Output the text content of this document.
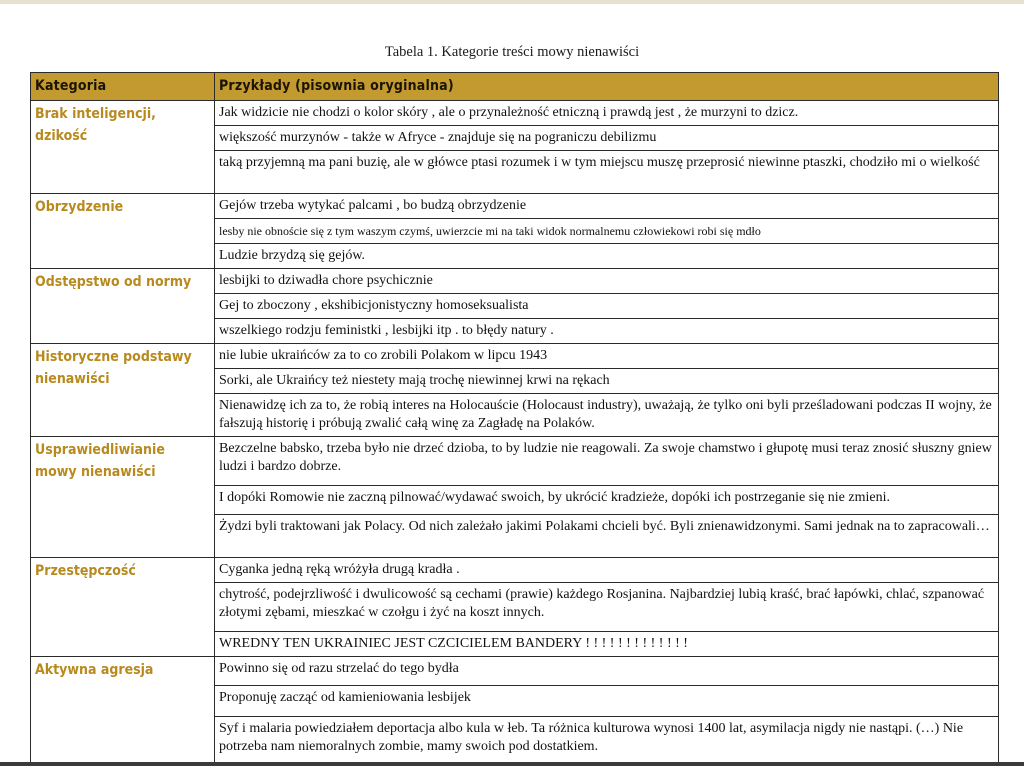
Tabela 1. Kategorie treści mowy nienawiści
Kategoria	Przykłady (pisownia oryginalna)
Brak inteligencji, dzikość	Jak widzicie nie chodzi o kolor skóry , ale o przynależność etniczną i prawdą jest , że murzyni to dzicz.
	większość murzynów - także w Afryce - znajduje się na pograniczu debilizmu
	taką przyjemną ma pani buzię, ale w główce ptasi rozumek i w tym miejscu muszę przeprosić niewinne ptaszki, chodziło mi o wielkość
Obrzydzenie	Gejów trzeba wytykać palcami , bo budzą obrzydzenie
	lesby nie obnoście się z tym waszym czymś, uwierzcie mi na taki widok normalnemu człowiekowi robi się mdło
	Ludzie brzydzą się gejów.
Odstępstwo od normy	lesbijki to dziwadła chore psychicznie
	Gej to zboczony , ekshibicjonistyczny homoseksualista
	wszelkiego rodzju feministki , lesbijki itp . to błędy natury .
Historyczne podstawy nienawiści	nie lubie ukraińców za to co zrobili Polakom w lipcu 1943
	Sorki, ale Ukraińcy też niestety mają trochę niewinnej krwi na rękach
	Nienawidzę ich za to, że robią interes na Holocauście (Holocaust industry), uważają, że tylko oni byli prześladowani podczas II wojny, że fałszują historię i próbują zwalić całą winę za Zagładę na Polaków.
Usprawiedliwianie mowy nienawiści	Bezczelne babsko, trzeba było nie drzeć dzioba, to by ludzie nie reagowali. Za swoje chamstwo i głupotę musi teraz znosić słuszny gniew ludzi i bardzo dobrze.
	I dopóki Romowie nie zaczną pilnować/wydawać swoich, by ukrócić kradzieże, dopóki ich postrzeganie się nie zmieni.
	Żydzi byli traktowani jak Polacy. Od nich zależało jakimi Polakami chcieli być. Byli znienawidzonymi. Sami jednak na to zapracowali…
Przestępczość	Cyganka jedną ręką wróżyła drugą kradła .
	chytrość, podejrzliwość i dwulicowość są cechami (prawie) każdego Rosjanina. Najbardziej lubią kraść, brać łapówki, chlać, szpanować złotymi zębami, mieszkać w czołgu i żyć na koszt innych.
	WREDNY TEN UKRAINIEC JEST CZCICIELEM BANDERY ! ! ! ! ! ! ! ! ! ! ! ! !
Aktywna agresja	Powinno się od razu strzelać do tego bydła
	Proponuję zacząć od kamieniowania lesbijek
	Syf i malaria powiedziałem deportacja albo kula w łeb. Ta różnica kulturowa wynosi 1400 lat, asymilacja nigdy nie nastąpi. (…) Nie potrzeba nam niemoralnych zombie, mamy swoich pod dostatkiem.
